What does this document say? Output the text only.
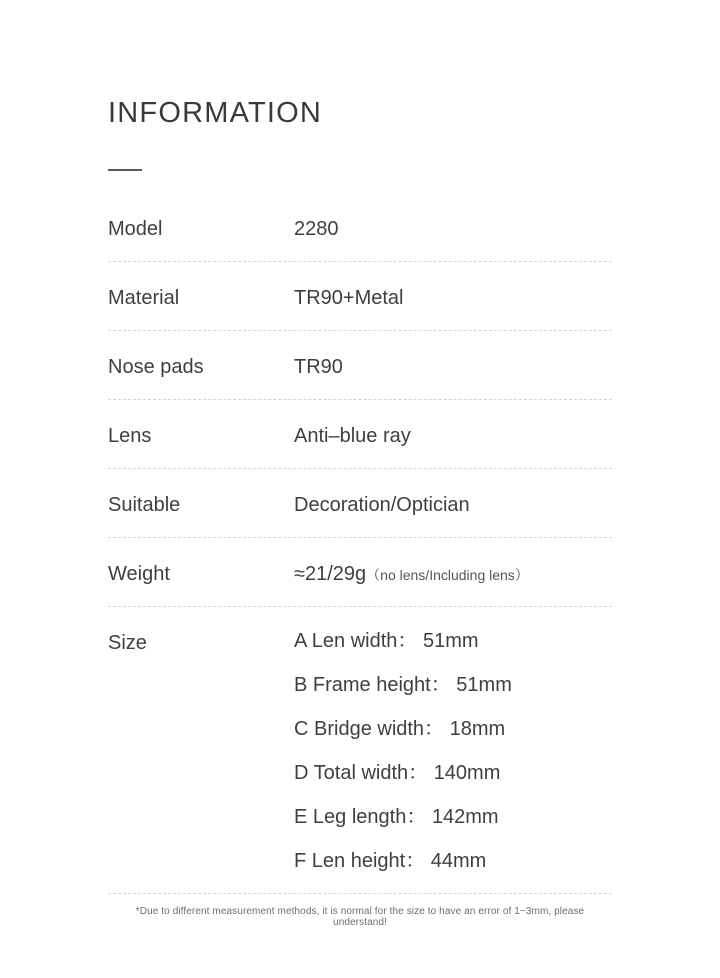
INFORMATION
Model	2280
Material	TR90+Metal
Nose pads	TR90
Lens	Anti–blue ray
Suitable	Decoration/Optician
Weight	≈21/29g（no lens/Including lens）
Size	A Len width： 51mm
B Frame height： 51mm
C Bridge width： 18mm
D Total width： 140mm
E Leg length： 142mm
F Len height： 44mm
*Due to different measurement methods, it is normal for the size to have an error of 1~3mm, please understand!
